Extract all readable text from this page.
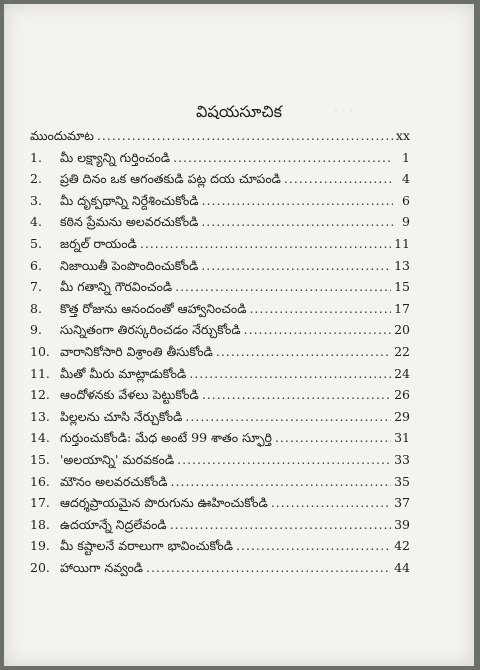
· · ·
విషయసూచిక
ముందుమాట .....	xx
1.	మీ లక్ష్యాన్ని గుర్తించండి .....	1
2.	ప్రతి దినం ఒక ఆగంతకుడి పట్ల దయ చూపండి .....	4
3.	మీ దృక్పథాన్ని నిర్దేశించుకోండి .....	6
4.	కఠిన ప్రేమను అలవరచుకోండి .....	9
5.	జర్నల్ రాయండి .....	11
6.	నిజాయితీ పెంపొందించుకోండి .....	13
7.	మీ గతాన్ని గౌరవించండి .....	15
8.	కొత్త రోజును ఆనందంతో ఆహ్వానించండి .....	17
9.	సున్నితంగా తిరస్కరించడం నేర్చుకోండి .....	20
10. వారానికోసారి విశ్రాంతి తీసుకోండి .....	22
11. మీతో మీరు మాట్లాడుకోండి .....	24
12. ఆందోళనకు వేళలు పెట్టుకోండి .....	26
13. పిల్లలను చూసి నేర్చుకోండి .....	29
14. గుర్తుంచుకోండి: మేధ అంటే 99 శాతం స్ఫూర్తి .....	31
15. 'అలయాన్ని' మరవకండి .....	33
16. మౌనం అలవరచుకోండి .....	35
17. ఆదర్శప్రాయమైన పొరుగును ఊహించుకోండి .....	37
18. ఉదయాన్నే నిద్రలేవండి .....	39
19. మీ కష్టాలనే వరాలుగా భావించుకోండి .....	42
20. హాయిగా నవ్వండి .....	44
